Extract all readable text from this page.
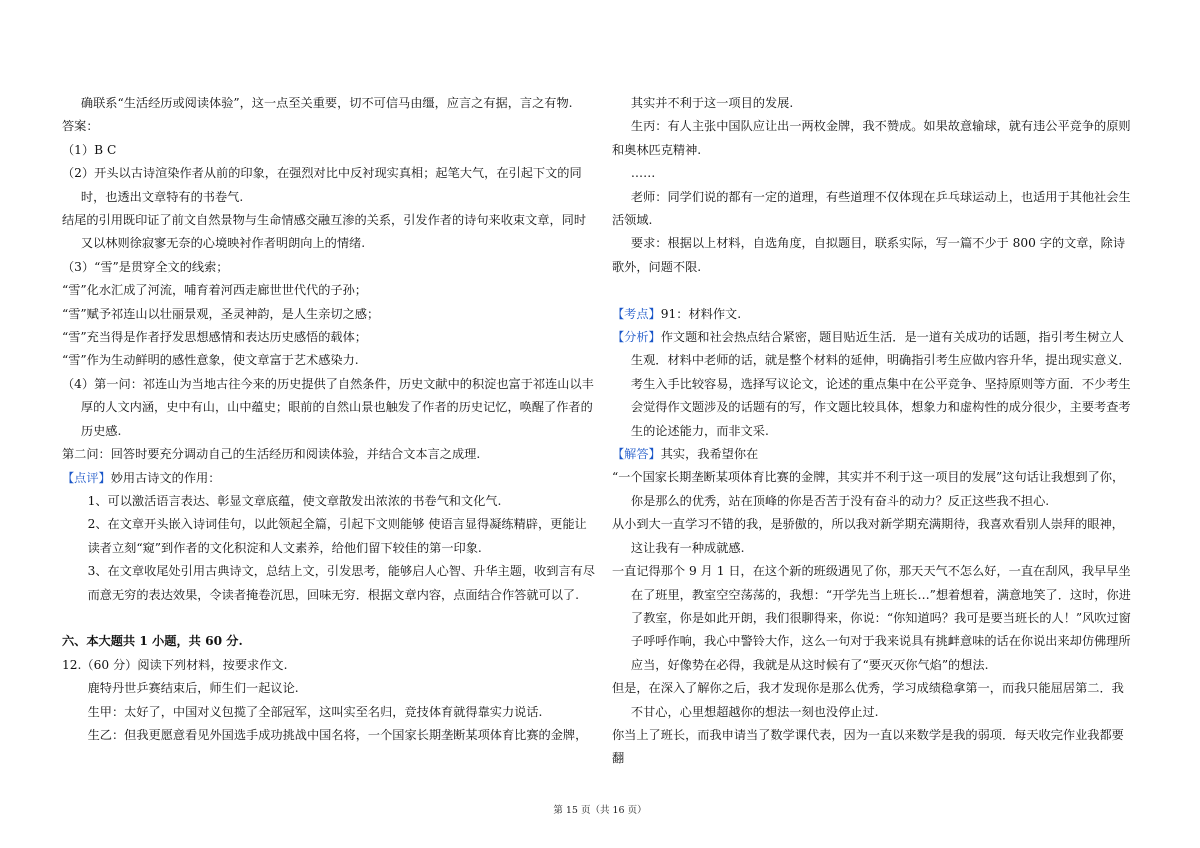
确联系“生活经历或阅读体验”，这一点至关重要，切不可信马由缰，应言之有据，言之有物.

答案：

（1）B C

（2）开头以古诗渲染作者从前的印象，在强烈对比中反衬现实真相；起笔大气，在引起下文的同时，也透出文章特有的书卷气.

结尾的引用既印证了前文自然景物与生命情感交融互渗的关系，引发作者的诗句来收束文章，同时又以林则徐寂寥无奈的心境映衬作者明朗向上的情绪.

（3）“雪”是贯穿全文的线索；

“雪”化水汇成了河流，哺育着河西走廊世世代代的子孙；

“雪”赋予祁连山以壮丽景观，圣灵神韵，是人生亲切之感；

“雪”充当得是作者抒发思想感情和表达历史感悟的载体；

“雪”作为生动鲜明的感性意象，使文章富于艺术感染力.

（4）第一问：祁连山为当地古往今来的历史提供了自然条件，历史文献中的积淀也富于祁连山以丰厚的人文内涵，史中有山，山中蕴史；眼前的自然山景也触发了作者的历史记忆，唤醒了作者的历史感.

第二问：回答时要充分调动自己的生活经历和阅读体验，并结合文本言之成理.

【点评】妙用古诗文的作用：

1、可以激活语言表达、彰显文章底蕴，使文章散发出浓浓的书卷气和文化气.

2、在文章开头嵌入诗词佳句，以此领起全篇，引起下文则能够 使语言显得凝练精辟，更能让读者立刻“窥”到作者的文化积淀和人文素养，给他们留下较佳的第一印象.

3、在文章收尾处引用古典诗文，总结上文，引发思考，能够启人心智、升华主题，收到言有尽而意无穷的表达效果，令读者掩卷沉思，回味无穷．根据文章内容，点面结合作答就可以了.

六、本大题共 1 小题，共 60 分.

12.（60 分）阅读下列材料，按要求作文.

鹿特丹世乒赛结束后，师生们一起议论.

生甲：太好了，中国对义包揽了全部冠军，这叫实至名归，竞技体育就得靠实力说话.

生乙：但我更愿意看见外国选手成功挑战中国名将，一个国家长期垄断某项体育比赛的金牌，

其实并不利于这一项目的发展.

生丙：有人主张中国队应让出一两枚金牌，我不赞成。如果故意输球，就有违公平竞争的原则和奥林匹克精神.

……

老师：同学们说的都有一定的道理，有些道理不仅体现在乒乓球运动上，也适用于其他社会生活领域.

要求：根据以上材料，自选角度，自拟题目，联系实际，写一篇不少于 800 字的文章，除诗歌外，问题不限.

【考点】91：材料作文.

【分析】作文题和社会热点结合紧密，题目贴近生活．是一道有关成功的话题，指引考生树立人生观．材料中老师的话，就是整个材料的延伸，明确指引考生应做内容升华，提出现实意义．考生入手比较容易，选择写议论文，论述的重点集中在公平竞争、坚持原则等方面．不少考生会觉得作文题涉及的话题有的写，作文题比较具体，想象力和虚构性的成分很少，主要考查考生的论述能力，而非文采.

【解答】其实，我希望你在

“一个国家长期垄断某项体育比赛的金牌，其实并不利于这一项目的发展”这句话让我想到了你，你是那么的优秀，站在顶峰的你是否苦于没有奋斗的动力？反正这些我不担心.

从小到大一直学习不错的我，是骄傲的，所以我对新学期充满期待，我喜欢看别人崇拜的眼神，这让我有一种成就感.

一直记得那个 9 月 1 日，在这个新的班级遇见了你，那天天气不怎么好，一直在刮风，我早早坐在了班里，教室空空荡荡的，我想：“开学先当上班长…”想着想着，满意地笑了．这时，你进了教室，你是如此开朗，我们很聊得来，你说：“你知道吗？我可是要当班长的人！”风吹过窗子呼呼作响，我心中警铃大作，这么一句对于我来说具有挑衅意味的话在你说出来却仿佛理所应当，好像势在必得，我就是从这时候有了“要灭灭你气焰”的想法.

但是，在深入了解你之后，我才发现你是那么优秀，学习成绩稳拿第一，而我只能屈居第二．我不甘心，心里想超越你的想法一刻也没停止过.

你当上了班长，而我申请当了数学课代表，因为一直以来数学是我的弱项．每天收完作业我都要翻

第 15 页（共 16 页）
